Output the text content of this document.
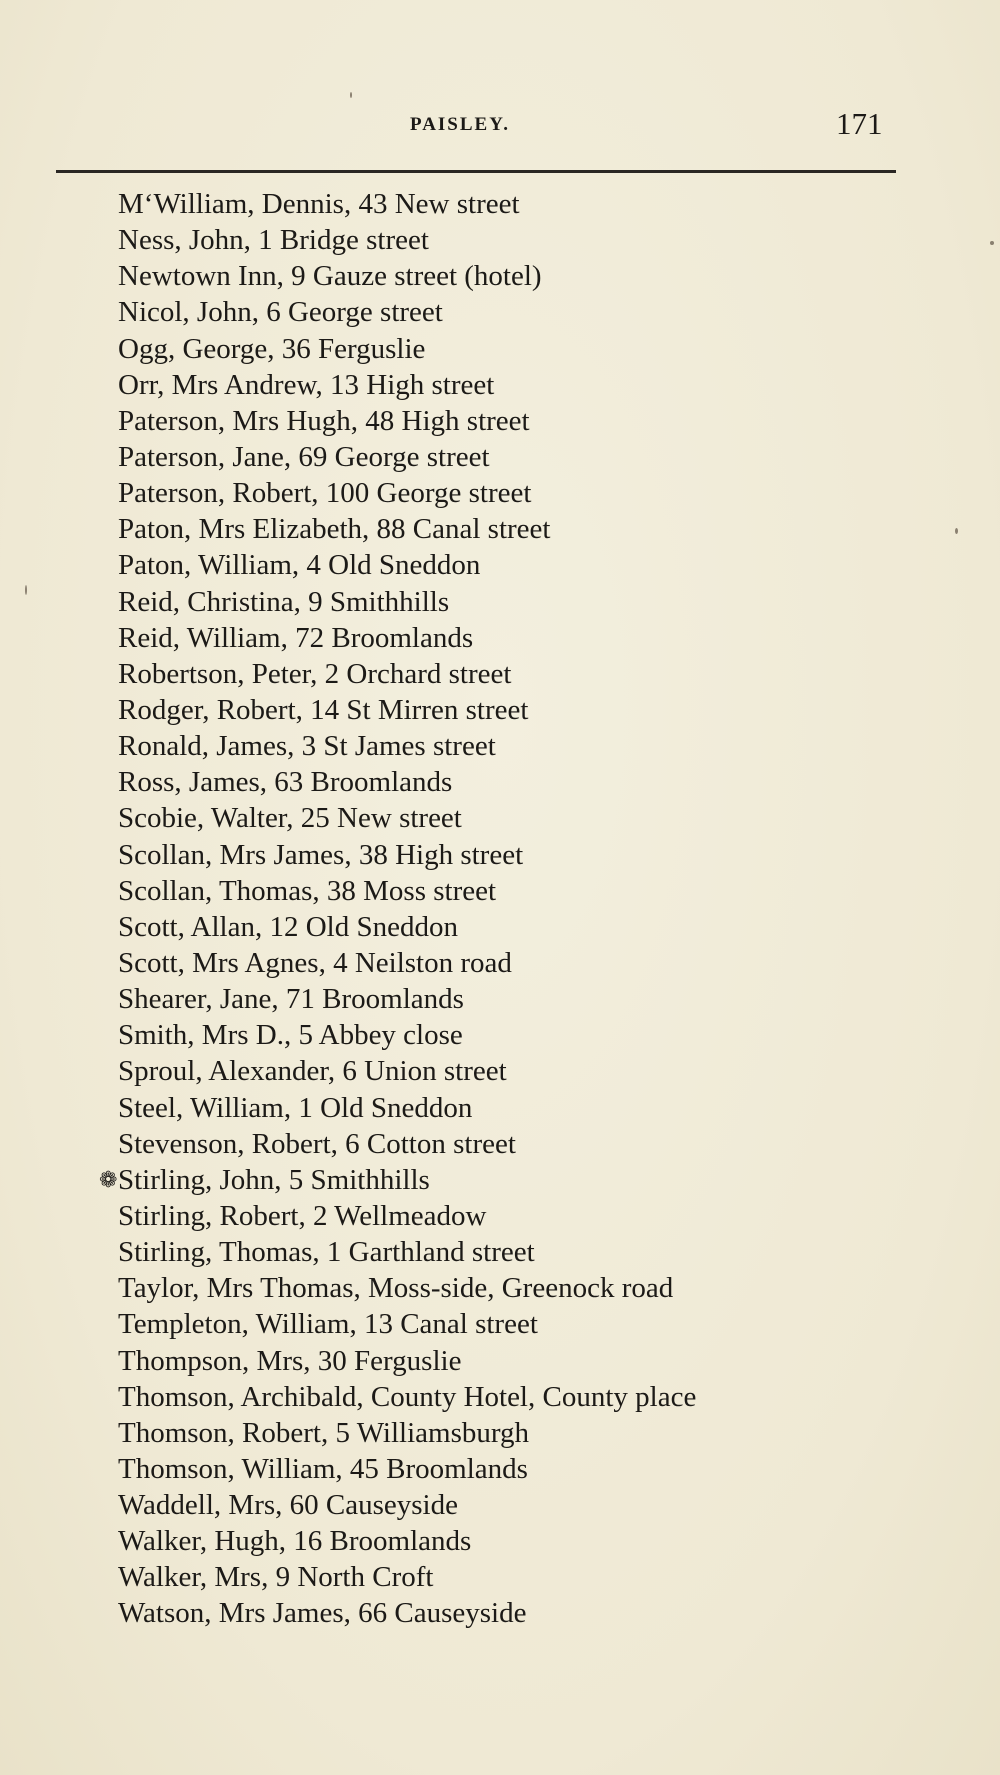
PAISLEY.	171
M‘William, Dennis, 43 New street
Ness, John, 1 Bridge street
Newtown Inn, 9 Gauze street (hotel)
Nicol, John, 6 George street
Ogg, George, 36 Ferguslie
Orr, Mrs Andrew, 13 High street
Paterson, Mrs Hugh, 48 High street
Paterson, Jane, 69 George street
Paterson, Robert, 100 George street
Paton, Mrs Elizabeth, 88 Canal street
Paton, William, 4 Old Sneddon
Reid, Christina, 9 Smithhills
Reid, William, 72 Broomlands
Robertson, Peter, 2 Orchard street
Rodger, Robert, 14 St Mirren street
Ronald, James, 3 St James street
Ross, James, 63 Broomlands
Scobie, Walter, 25 New street
Scollan, Mrs James, 38 High street
Scollan, Thomas, 38 Moss street
Scott, Allan, 12 Old Sneddon
Scott, Mrs Agnes, 4 Neilston road
Shearer, Jane, 71 Broomlands
Smith, Mrs D., 5 Abbey close
Sproul, Alexander, 6 Union street
Steel, William, 1 Old Sneddon
Stevenson, Robert, 6 Cotton street
Stirling, John, 5 Smithhills
❁
Stirling, Robert, 2 Wellmeadow
Stirling, Thomas, 1 Garthland street
Taylor, Mrs Thomas, Moss-side, Greenock road
Templeton, William, 13 Canal street
Thompson, Mrs, 30 Ferguslie
Thomson, Archibald, County Hotel, County place
Thomson, Robert, 5 Williamsburgh
Thomson, William, 45 Broomlands
Waddell, Mrs, 60 Causeyside
Walker, Hugh, 16 Broomlands
Walker, Mrs, 9 North Croft
Watson, Mrs James, 66 Causeyside
